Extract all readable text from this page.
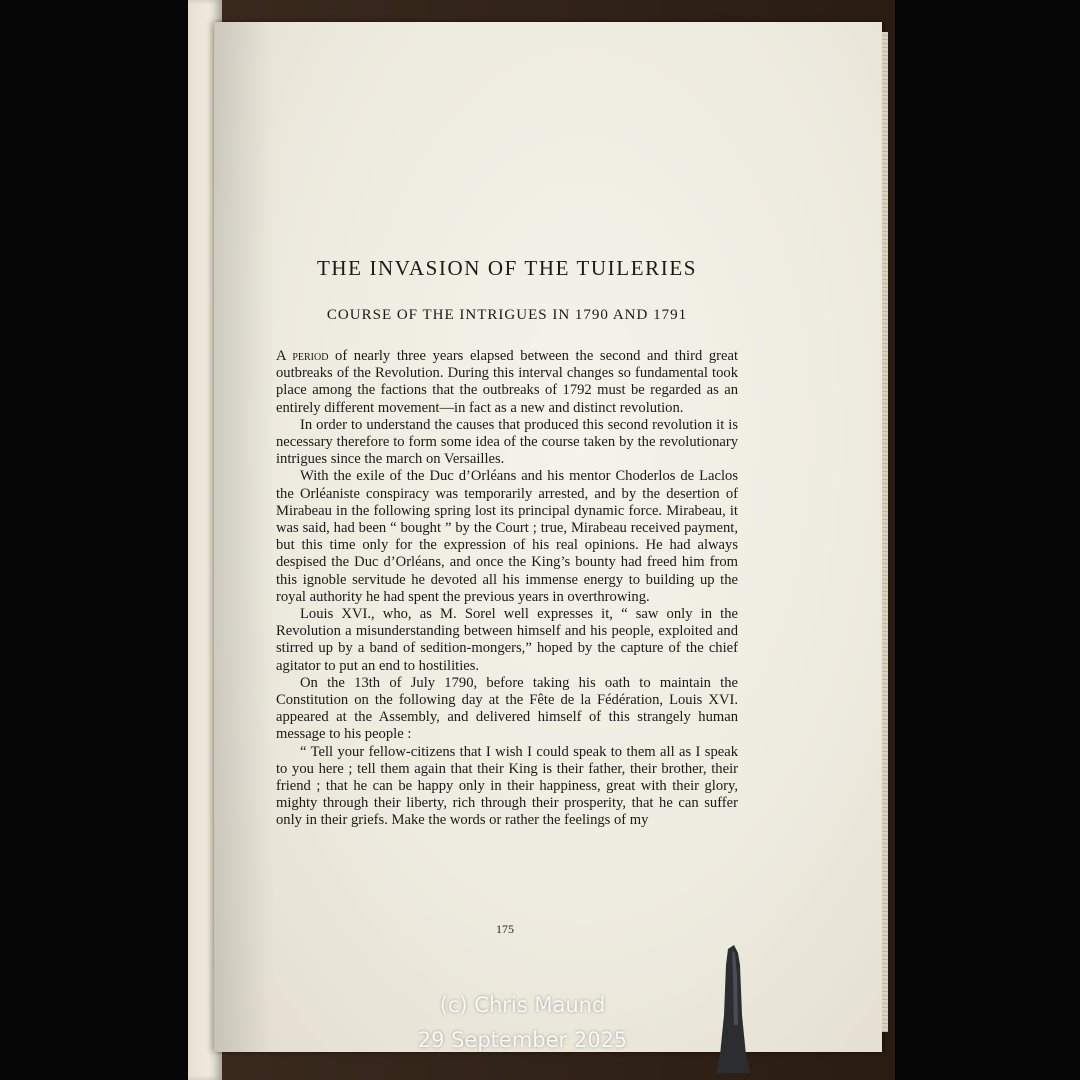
THE INVASION OF THE TUILERIES
COURSE OF THE INTRIGUES IN 1790 AND 1791

A period of nearly three years elapsed between the second and third great outbreaks of the Revolution. During this interval changes so fundamental took place among the factions that the outbreaks of 1792 must be regarded as an entirely different movement—in fact as a new and distinct revolution.

In order to understand the causes that produced this second revolution it is necessary therefore to form some idea of the course taken by the revolutionary intrigues since the march on Versailles.

With the exile of the Duc d’Orléans and his mentor Choderlos de Laclos the Orléaniste conspiracy was temporarily arrested, and by the desertion of Mirabeau in the following spring lost its principal dynamic force. Mirabeau, it was said, had been “ bought ” by the Court ; true, Mirabeau received payment, but this time only for the expression of his real opinions. He had always despised the Duc d’Orléans, and once the King’s bounty had freed him from this ignoble servitude he devoted all his immense energy to building up the royal authority he had spent the previous years in overthrowing.

Louis XVI., who, as M. Sorel well expresses it, “ saw only in the Revolution a misunderstanding between himself and his people, exploited and stirred up by a band of sedition-mongers,” hoped by the capture of the chief agitator to put an end to hostilities.

On the 13th of July 1790, before taking his oath to maintain the Constitution on the following day at the Fête de la Fédération, Louis XVI. appeared at the Assembly, and delivered himself of this strangely human message to his people :

“ Tell your fellow-citizens that I wish I could speak to them all as I speak to you here ; tell them again that their King is their father, their brother, their friend ; that he can be happy only in their happiness, great with their glory, mighty through their liberty, rich through their prosperity, that he can suffer only in their griefs. Make the words or rather the feelings of my

175
(c) Chris Maund
29 September 2025
